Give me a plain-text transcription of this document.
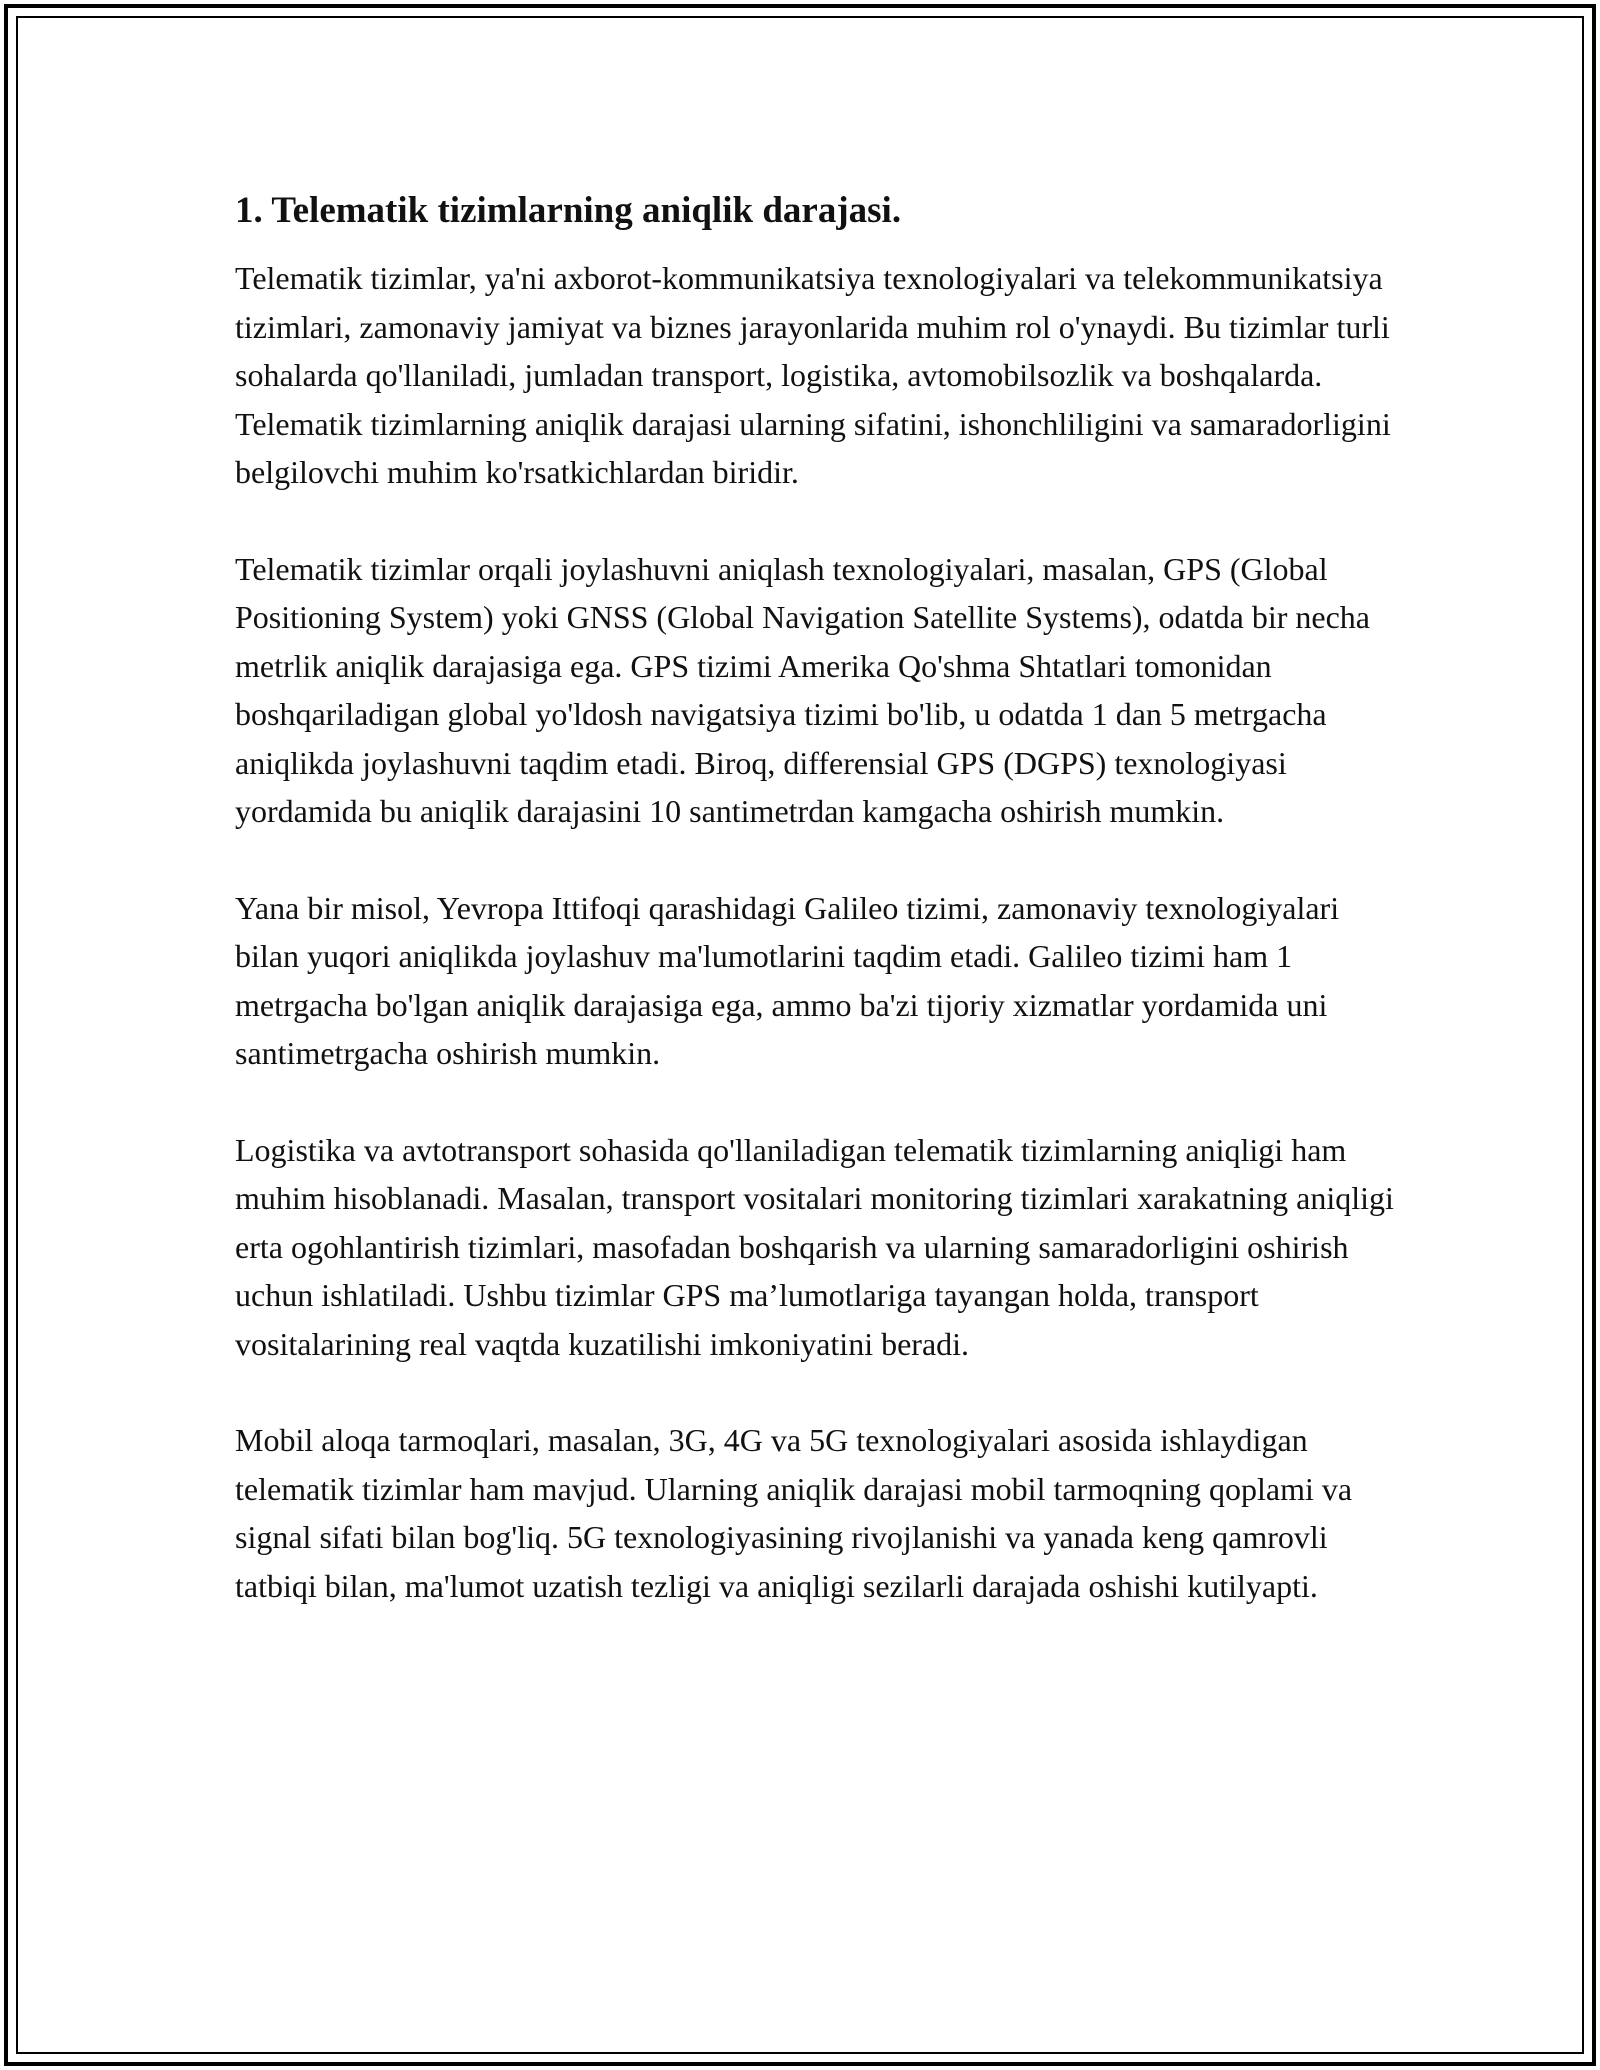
1. Telematik tizimlarning aniqlik darajasi.

Telematik tizimlar, ya'ni axborot-kommunikatsiya texnologiyalari va telekommunikatsiya tizimlari, zamonaviy jamiyat va biznes jarayonlarida muhim rol o'ynaydi. Bu tizimlar turli sohalarda qo'llaniladi, jumladan transport, logistika, avtomobilsozlik va boshqalarda. Telematik tizimlarning aniqlik darajasi ularning sifatini, ishonchliligini va samaradorligini belgilovchi muhim ko'rsatkichlardan biridir.

Telematik tizimlar orqali joylashuvni aniqlash texnologiyalari, masalan, GPS (Global Positioning System) yoki GNSS (Global Navigation Satellite Systems), odatda bir necha metrlik aniqlik darajasiga ega. GPS tizimi Amerika Qo'shma Shtatlari tomonidan boshqariladigan global yo'ldosh navigatsiya tizimi bo'lib, u odatda 1 dan 5 metrgacha aniqlikda joylashuvni taqdim etadi. Biroq, differensial GPS (DGPS) texnologiyasi yordamida bu aniqlik darajasini 10 santimetrdan kamgacha oshirish mumkin.

Yana bir misol, Yevropa Ittifoqi qarashidagi Galileo tizimi, zamonaviy texnologiyalari bilan yuqori aniqlikda joylashuv ma'lumotlarini taqdim etadi. Galileo tizimi ham 1 metrgacha bo'lgan aniqlik darajasiga ega, ammo ba'zi tijoriy xizmatlar yordamida uni santimetrgacha oshirish mumkin.

Logistika va avtotransport sohasida qo'llaniladigan telematik tizimlarning aniqligi ham muhim hisoblanadi. Masalan, transport vositalari monitoring tizimlari xarakatning aniqligi erta ogohlantirish tizimlari, masofadan boshqarish va ularning samaradorligini oshirish uchun ishlatiladi. Ushbu tizimlar GPS ma’lumotlariga tayangan holda, transport vositalarining real vaqtda kuzatilishi imkoniyatini beradi.

Mobil aloqa tarmoqlari, masalan, 3G, 4G va 5G texnologiyalari asosida ishlaydigan telematik tizimlar ham mavjud. Ularning aniqlik darajasi mobil tarmoqning qoplami va signal sifati bilan bog'liq. 5G texnologiyasining rivojlanishi va yanada keng qamrovli tatbiqi bilan, ma'lumot uzatish tezligi va aniqligi sezilarli darajada oshishi kutilyapti.
